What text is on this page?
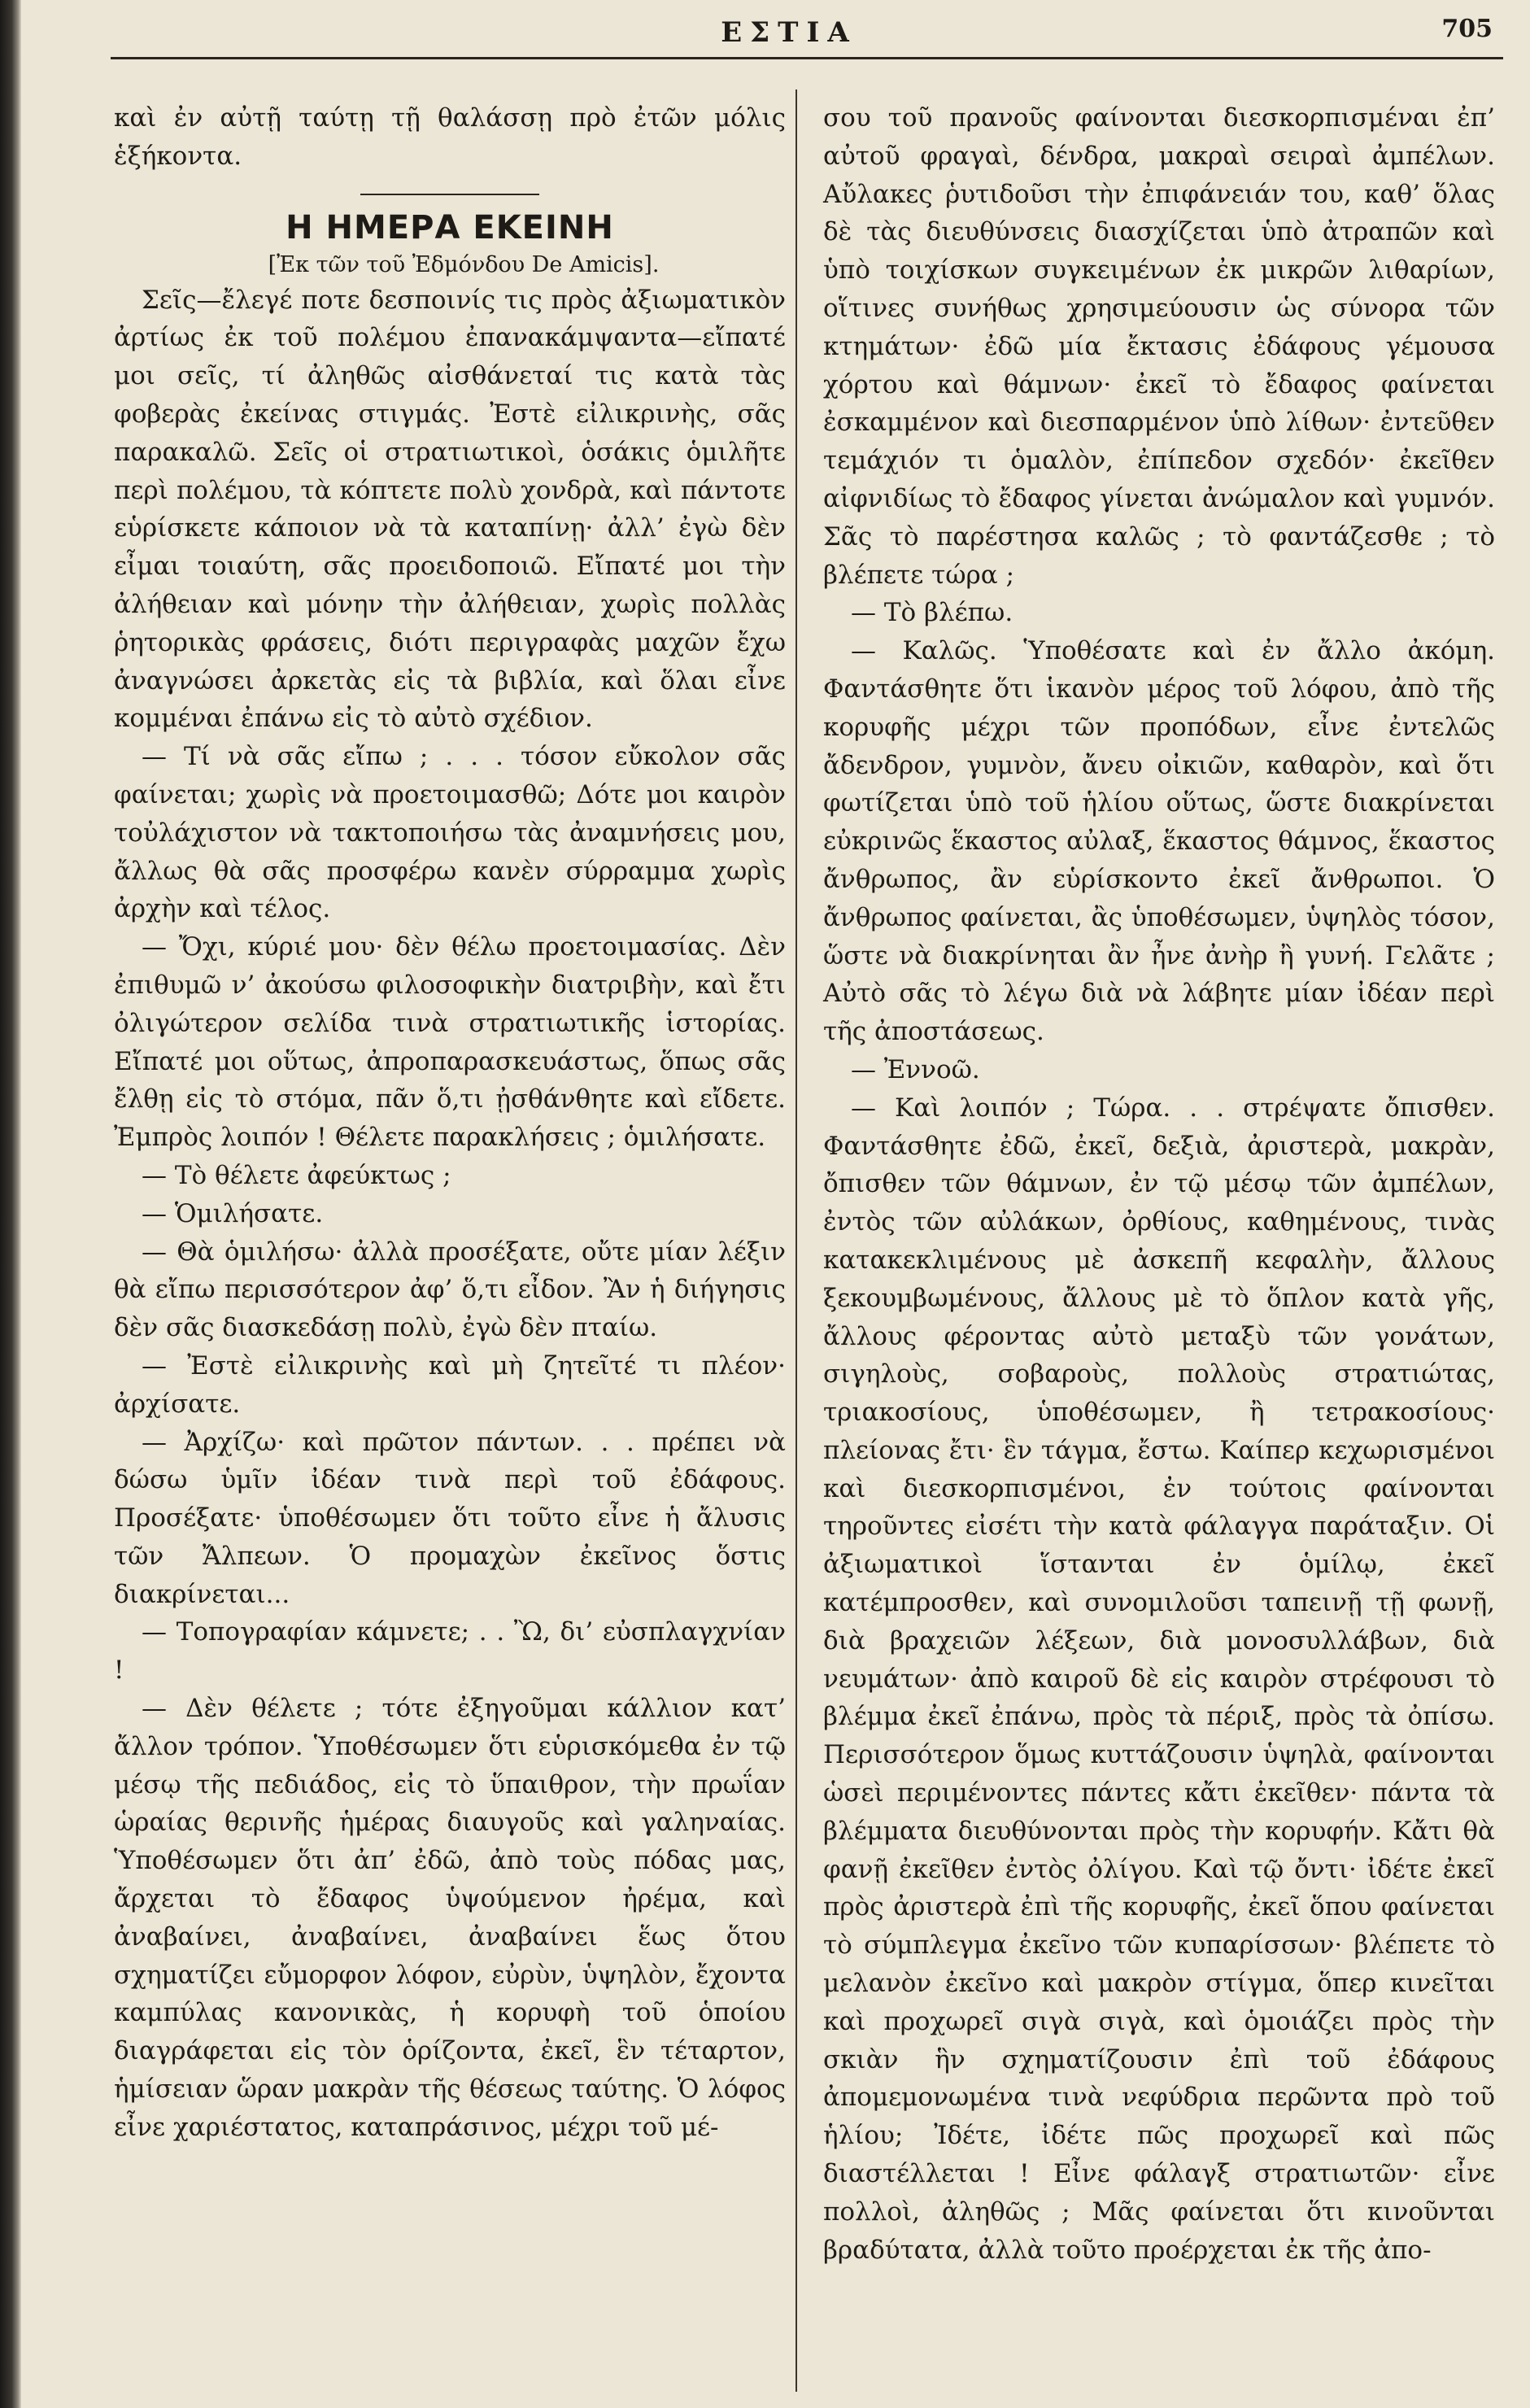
ΕΣΤΙΑ	705

καὶ ἐν αὐτῇ ταύτῃ τῇ θαλάσσῃ πρὸ ἐτῶν μόλις ἑξήκοντα.

Η ΗΜΕΡΑ ΕΚΕΙΝΗ

[Ἐκ τῶν τοῦ Ἐδμόνδου De Amicis].

Σεῖς—ἔλεγέ ποτε δεσποινίς τις πρὸς ἀξιωματικὸν ἀρτίως ἐκ τοῦ πολέμου ἐπανακάμψαντα—εἴπατέ μοι σεῖς, τί ἀληθῶς αἰσθάνεταί τις κατὰ τὰς φοβερὰς ἐκείνας στιγμάς. Ἐστὲ εἰλικρινὴς, σᾶς παρακαλῶ. Σεῖς οἱ στρατιωτικοὶ, ὁσάκις ὁμιλῆτε περὶ πολέμου, τὰ κόπτετε πολὺ χονδρὰ, καὶ πάντοτε εὑρίσκετε κάποιον νὰ τὰ καταπίνῃ· ἀλλ’ ἐγὼ δὲν εἶμαι τοιαύτη, σᾶς προειδοποιῶ. Εἴπατέ μοι τὴν ἀλήθειαν καὶ μόνην τὴν ἀλήθειαν, χωρὶς πολλὰς ῥητορικὰς φράσεις, διότι περιγραφὰς μαχῶν ἔχω ἀναγνώσει ἀρκετὰς εἰς τὰ βιβλία, καὶ ὅλαι εἶνε κομμέναι ἐπάνω εἰς τὸ αὐτὸ σχέδιον.

— Τί νὰ σᾶς εἴπω ; . . . τόσον εὔκολον σᾶς φαίνεται; χωρὶς νὰ προετοιμασθῶ; Δότε μοι καιρὸν τοὐλάχιστον νὰ τακτοποιήσω τὰς ἀναμνήσεις μου, ἄλλως θὰ σᾶς προσφέρω κανὲν σύρραμμα χωρὶς ἀρχὴν καὶ τέλος.

— Ὄχι, κύριέ μου· δὲν θέλω προετοιμασίας. Δὲν ἐπιθυμῶ ν’ ἀκούσω φιλοσοφικὴν διατριβὴν, καὶ ἔτι ὀλιγώτερον σελίδα τινὰ στρατιωτικῆς ἱστορίας. Εἴπατέ μοι οὕτως, ἀπροπαρασκευάστως, ὅπως σᾶς ἔλθῃ εἰς τὸ στόμα, πᾶν ὅ,τι ᾐσθάνθητε καὶ εἴδετε. Ἐμπρὸς λοιπόν ! Θέλετε παρακλήσεις ; ὁμιλήσατε.

— Τὸ θέλετε ἀφεύκτως ;

— Ὁμιλήσατε.

— Θὰ ὁμιλήσω· ἀλλὰ προσέξατε, οὔτε μίαν λέξιν θὰ εἴπω περισσότερον ἀφ’ ὅ,τι εἶδον. Ἂν ἡ διήγησις δὲν σᾶς διασκεδάσῃ πολὺ, ἐγὼ δὲν πταίω.

— Ἐστὲ εἰλικρινὴς καὶ μὴ ζητεῖτέ τι πλέον· ἀρχίσατε.

— Ἀρχίζω· καὶ πρῶτον πάντων. . . πρέπει νὰ δώσω ὑμῖν ἰδέαν τινὰ περὶ τοῦ ἐδάφους. Προσέξατε· ὑποθέσωμεν ὅτι τοῦτο εἶνε ἡ ἄλυσις τῶν Ἄλπεων. Ὁ προμαχὼν ἐκεῖνος ὅστις διακρίνεται...

— Τοπογραφίαν κάμνετε; . . Ὢ, δι’ εὐσπλαγχνίαν !

— Δὲν θέλετε ; τότε ἐξηγοῦμαι κάλλιον κατ’ ἄλλον τρόπον. Ὑποθέσωμεν ὅτι εὑρισκόμεθα ἐν τῷ μέσῳ τῆς πεδιάδος, εἰς τὸ ὕπαιθρον, τὴν πρωΐαν ὡραίας θερινῆς ἡμέρας διαυγοῦς καὶ γαληναίας. Ὑποθέσωμεν ὅτι ἀπ’ ἐδῶ, ἀπὸ τοὺς πόδας μας, ἄρχεται τὸ ἔδαφος ὑψούμενον ἠρέμα, καὶ ἀναβαίνει, ἀναβαίνει, ἀναβαίνει ἕως ὅτου σχηματίζει εὔμορφον λόφον, εὐρὺν, ὑψηλὸν, ἔχοντα καμπύλας κανονικὰς, ἡ κορυφὴ τοῦ ὁποίου διαγράφεται εἰς τὸν ὁρίζοντα, ἐκεῖ, ἓν τέταρτον, ἡμίσειαν ὥραν μακρὰν τῆς θέσεως ταύτης. Ὁ λόφος εἶνε χαριέστατος, καταπράσινος, μέχρι τοῦ μέ-

σου τοῦ πρανοῦς φαίνονται διεσκορπισμέναι ἐπ’ αὐτοῦ φραγαὶ, δένδρα, μακραὶ σειραὶ ἀμπέλων. Αὔλακες ῥυτιδοῦσι τὴν ἐπιφάνειάν του, καθ’ ὅλας δὲ τὰς διευθύνσεις διασχίζεται ὑπὸ ἀτραπῶν καὶ ὑπὸ τοιχίσκων συγκειμένων ἐκ μικρῶν λιθαρίων, οἵτινες συνήθως χρησιμεύουσιν ὡς σύνορα τῶν κτημάτων· ἐδῶ μία ἔκτασις ἐδάφους γέμουσα χόρτου καὶ θάμνων· ἐκεῖ τὸ ἔδαφος φαίνεται ἐσκαμμένον καὶ διεσπαρμένον ὑπὸ λίθων· ἐντεῦθεν τεμάχιόν τι ὁμαλὸν, ἐπίπεδον σχεδόν· ἐκεῖθεν αἰφνιδίως τὸ ἔδαφος γίνεται ἀνώμαλον καὶ γυμνόν. Σᾶς τὸ παρέστησα καλῶς ; τὸ φαντάζεσθε ; τὸ βλέπετε τώρα ;

— Τὸ βλέπω.

— Καλῶς. Ὑποθέσατε καὶ ἐν ἄλλο ἀκόμη. Φαντάσθητε ὅτι ἱκανὸν μέρος τοῦ λόφου, ἀπὸ τῆς κορυφῆς μέχρι τῶν προπόδων, εἶνε ἐντελῶς ἄδενδρον, γυμνὸν, ἄνευ οἰκιῶν, καθαρὸν, καὶ ὅτι φωτίζεται ὑπὸ τοῦ ἡλίου οὕτως, ὥστε διακρίνεται εὐκρινῶς ἕκαστος αὐλαξ, ἕκαστος θάμνος, ἕκαστος ἄνθρωπος, ἂν εὑρίσκοντο ἐκεῖ ἄνθρωποι. Ὁ ἄνθρωπος φαίνεται, ἂς ὑποθέσωμεν, ὑψηλὸς τόσον, ὥστε νὰ διακρίνηται ἂν ἦνε ἀνὴρ ἢ γυνή. Γελᾶτε ; Αὐτὸ σᾶς τὸ λέγω διὰ νὰ λάβητε μίαν ἰδέαν περὶ τῆς ἀποστάσεως.

— Ἐννοῶ.

— Καὶ λοιπόν ; Τώρα. . . στρέψατε ὄπισθεν. Φαντάσθητε ἐδῶ, ἐκεῖ, δεξιὰ, ἀριστερὰ, μακρὰν, ὄπισθεν τῶν θάμνων, ἐν τῷ μέσῳ τῶν ἀμπέλων, ἐντὸς τῶν αὐλάκων, ὀρθίους, καθημένους, τινὰς κατακεκλιμένους μὲ ἀσκεπῆ κεφαλὴν, ἄλλους ξεκουμβωμένους, ἄλλους μὲ τὸ ὅπλον κατὰ γῆς, ἄλλους φέροντας αὐτὸ μεταξὺ τῶν γονάτων, σιγηλοὺς, σοβαροὺς, πολλοὺς στρατιώτας, τριακοσίους, ὑποθέσωμεν, ἢ τετρακοσίους· πλείονας ἔτι· ἓν τάγμα, ἔστω. Καίπερ κεχωρισμένοι καὶ διεσκορπισμένοι, ἐν τούτοις φαίνονται τηροῦντες εἰσέτι τὴν κατὰ φάλαγγα παράταξιν. Οἱ ἀξιωματικοὶ ἵστανται ἐν ὁμίλῳ, ἐκεῖ κατέμπροσθεν, καὶ συνομιλοῦσι ταπεινῇ τῇ φωνῇ, διὰ βραχειῶν λέξεων, διὰ μονοσυλλάβων, διὰ νευμάτων· ἀπὸ καιροῦ δὲ εἰς καιρὸν στρέφουσι τὸ βλέμμα ἐκεῖ ἐπάνω, πρὸς τὰ πέριξ, πρὸς τὰ ὀπίσω. Περισσότερον ὅμως κυττάζουσιν ὑψηλὰ, φαίνονται ὡσεὶ περιμένοντες πάντες κἄτι ἐκεῖθεν· πάντα τὰ βλέμματα διευθύνονται πρὸς τὴν κορυφήν. Κἄτι θὰ φανῇ ἐκεῖθεν ἐντὸς ὀλίγου. Καὶ τῷ ὄντι· ἰδέτε ἐκεῖ πρὸς ἀριστερὰ ἐπὶ τῆς κορυφῆς, ἐκεῖ ὅπου φαίνεται τὸ σύμπλεγμα ἐκεῖνο τῶν κυπαρίσσων· βλέπετε τὸ μελανὸν ἐκεῖνο καὶ μακρὸν στίγμα, ὅπερ κινεῖται καὶ προχωρεῖ σιγὰ σιγὰ, καὶ ὁμοιάζει πρὸς τὴν σκιὰν ἣν σχηματίζουσιν ἐπὶ τοῦ ἐδάφους ἀπομεμονωμένα τινὰ νεφύδρια περῶντα πρὸ τοῦ ἡλίου; Ἰδέτε, ἰδέτε πῶς προχωρεῖ καὶ πῶς διαστέλλεται ! Εἶνε φάλαγξ στρατιωτῶν· εἶνε πολλοὶ, ἀληθῶς ; Μᾶς φαίνεται ὅτι κινοῦνται βραδύτατα, ἀλλὰ τοῦτο προέρχεται ἐκ τῆς ἀπο-
